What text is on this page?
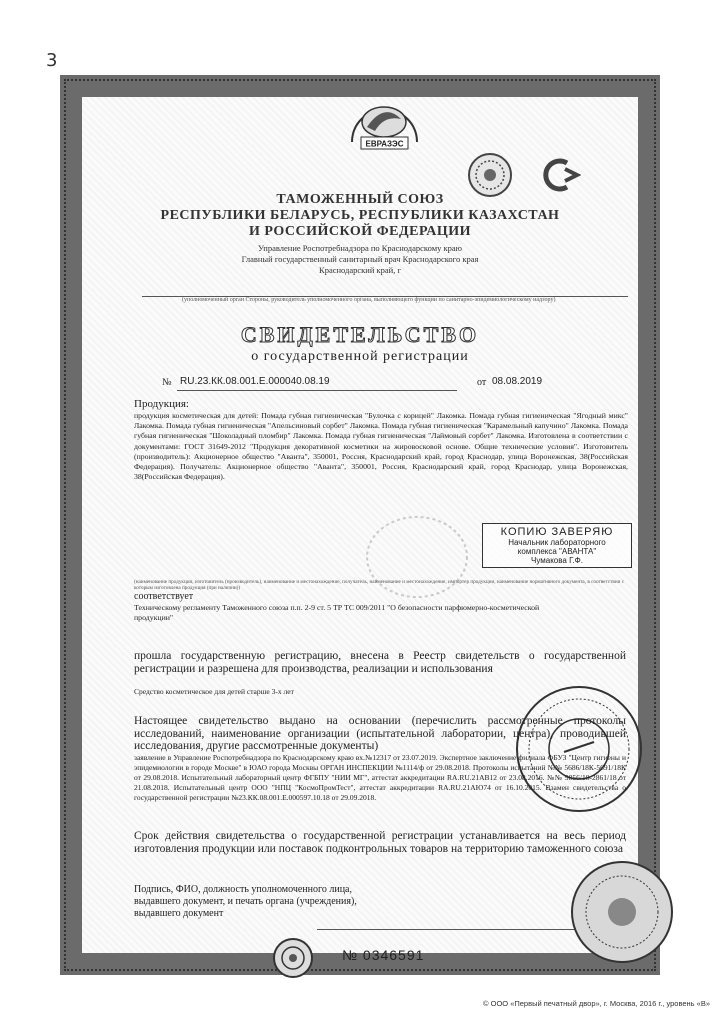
3
ЕВРАЗЭС
ТАМОЖЕННЫЙ СОЮЗ
РЕСПУБЛИКИ БЕЛАРУСЬ, РЕСПУБЛИКИ КАЗАХСТАН
И РОССИЙСКОЙ ФЕДЕРАЦИИ
Управление Роспотребнадзора по Краснодарскому краю
Главный государственный санитарный врач Краснодарского края
Краснодарский край, г
(уполномоченный орган Стороны, руководитель уполномоченного органа, выполняющего функции по санитарно-эпидемиологическому надзору)
СВИДЕТЕЛЬСТВО
о государственной регистрации
№ RU.23.КК.08.001.Е.000040.08.19	от 08.08.2019
Продукция:
продукция косметическая для детей: Помада губная гигиеническая "Булочка с корицей" Лакомка. Помада губная гигиеническая "Ягодный микс" Лакомка. Помада губная гигиеническая "Апельсиновый сорбет" Лакомка. Помада губная гигиеническая "Карамельный капучино" Лакомка. Помада губная гигиеническая "Шоколадный пломбир" Лакомка. Помада губная гигиеническая "Лаймовый сорбет" Лакомка. Изготовлена в соответствии с документами: ГОСТ 31649-2012 "Продукция декоративной косметики на жировосковой основе. Общие технические условия". Изготовитель (производитель): Акционерное общество "Аванта", 350001, Россия, Краснодарский край, город Краснодар, улица Воронежская, 38(Российская Федерация). Получатель: Акционерное общество "Аванта", 350001, Россия, Краснодарский край, город Краснодар, улица Воронежская, 38(Российская Федерация).
КОПИЮ ЗАВЕРЯЮ
Начальник лабораторного
комплекса "АВАНТА"
Чумакова Г.Ф.
(наименование продукции, изготовитель (производитель), наименование и местонахождение, получатель, наименование и местонахождение, импортер продукции, наименование нормативного документа, в соответствии с которым изготовлена продукция (при наличии))
соответствует
Техническому регламенту Таможенного союза п.п. 2-9 ст. 5 ТР ТС 009/2011 "О безопасности парфюмерно-косметической продукции"
прошла государственную регистрацию, внесена в Реестр свидетельств о государственной регистрации и разрешена для производства, реализации и использования
Средство косметическое для детей старше 3-х лет
Настоящее свидетельство выдано на основании (перечислить рассмотренные протоколы исследований, наименование организации (испытательной лаборатории, центра), проводившей исследования, другие рассмотренные документы)
заявление в Управление Роспотребнадзора по Краснодарскому краю вх.№12317 от 23.07.2019. Экспертное заключение филиала ФБУЗ "Центр гигиены и эпидемиологии в городе Москве" в ЮАО города Москвы ОРГАН ИНСПЕКЦИИ №1114/ф от 29.08.2018. Протоколы испытаний №№ 5686/18К-5691/18К от 29.08.2018. Испытательный лабораторный центр ФГБПУ "НИИ МГ", аттестат аккредитации RA.RU.21АВ12 от 23.08.2016. №№ 9856/18-2861/18 от 21.08.2018. Испытательный центр ООО "НПЦ "КосмоПромТест", аттестат аккредитации RA.RU.21АЮ74 от 16.10.2015. Взамен свидетельства о государственной регистрации №23.КК.08.001.Е.000597.10.18 от 29.09.2018.
Срок действия свидетельства о государственной регистрации устанавливается на весь период изготовления продукции или поставок подконтрольных товаров на территорию таможенного союза
Подпись, ФИО, должность уполномоченного лица, выдавшего документ, и печать органа (учреждения), выдавшего документ
№ 0346591
© ООО «Первый печатный двор», г. Москва, 2016 г., уровень «В»
